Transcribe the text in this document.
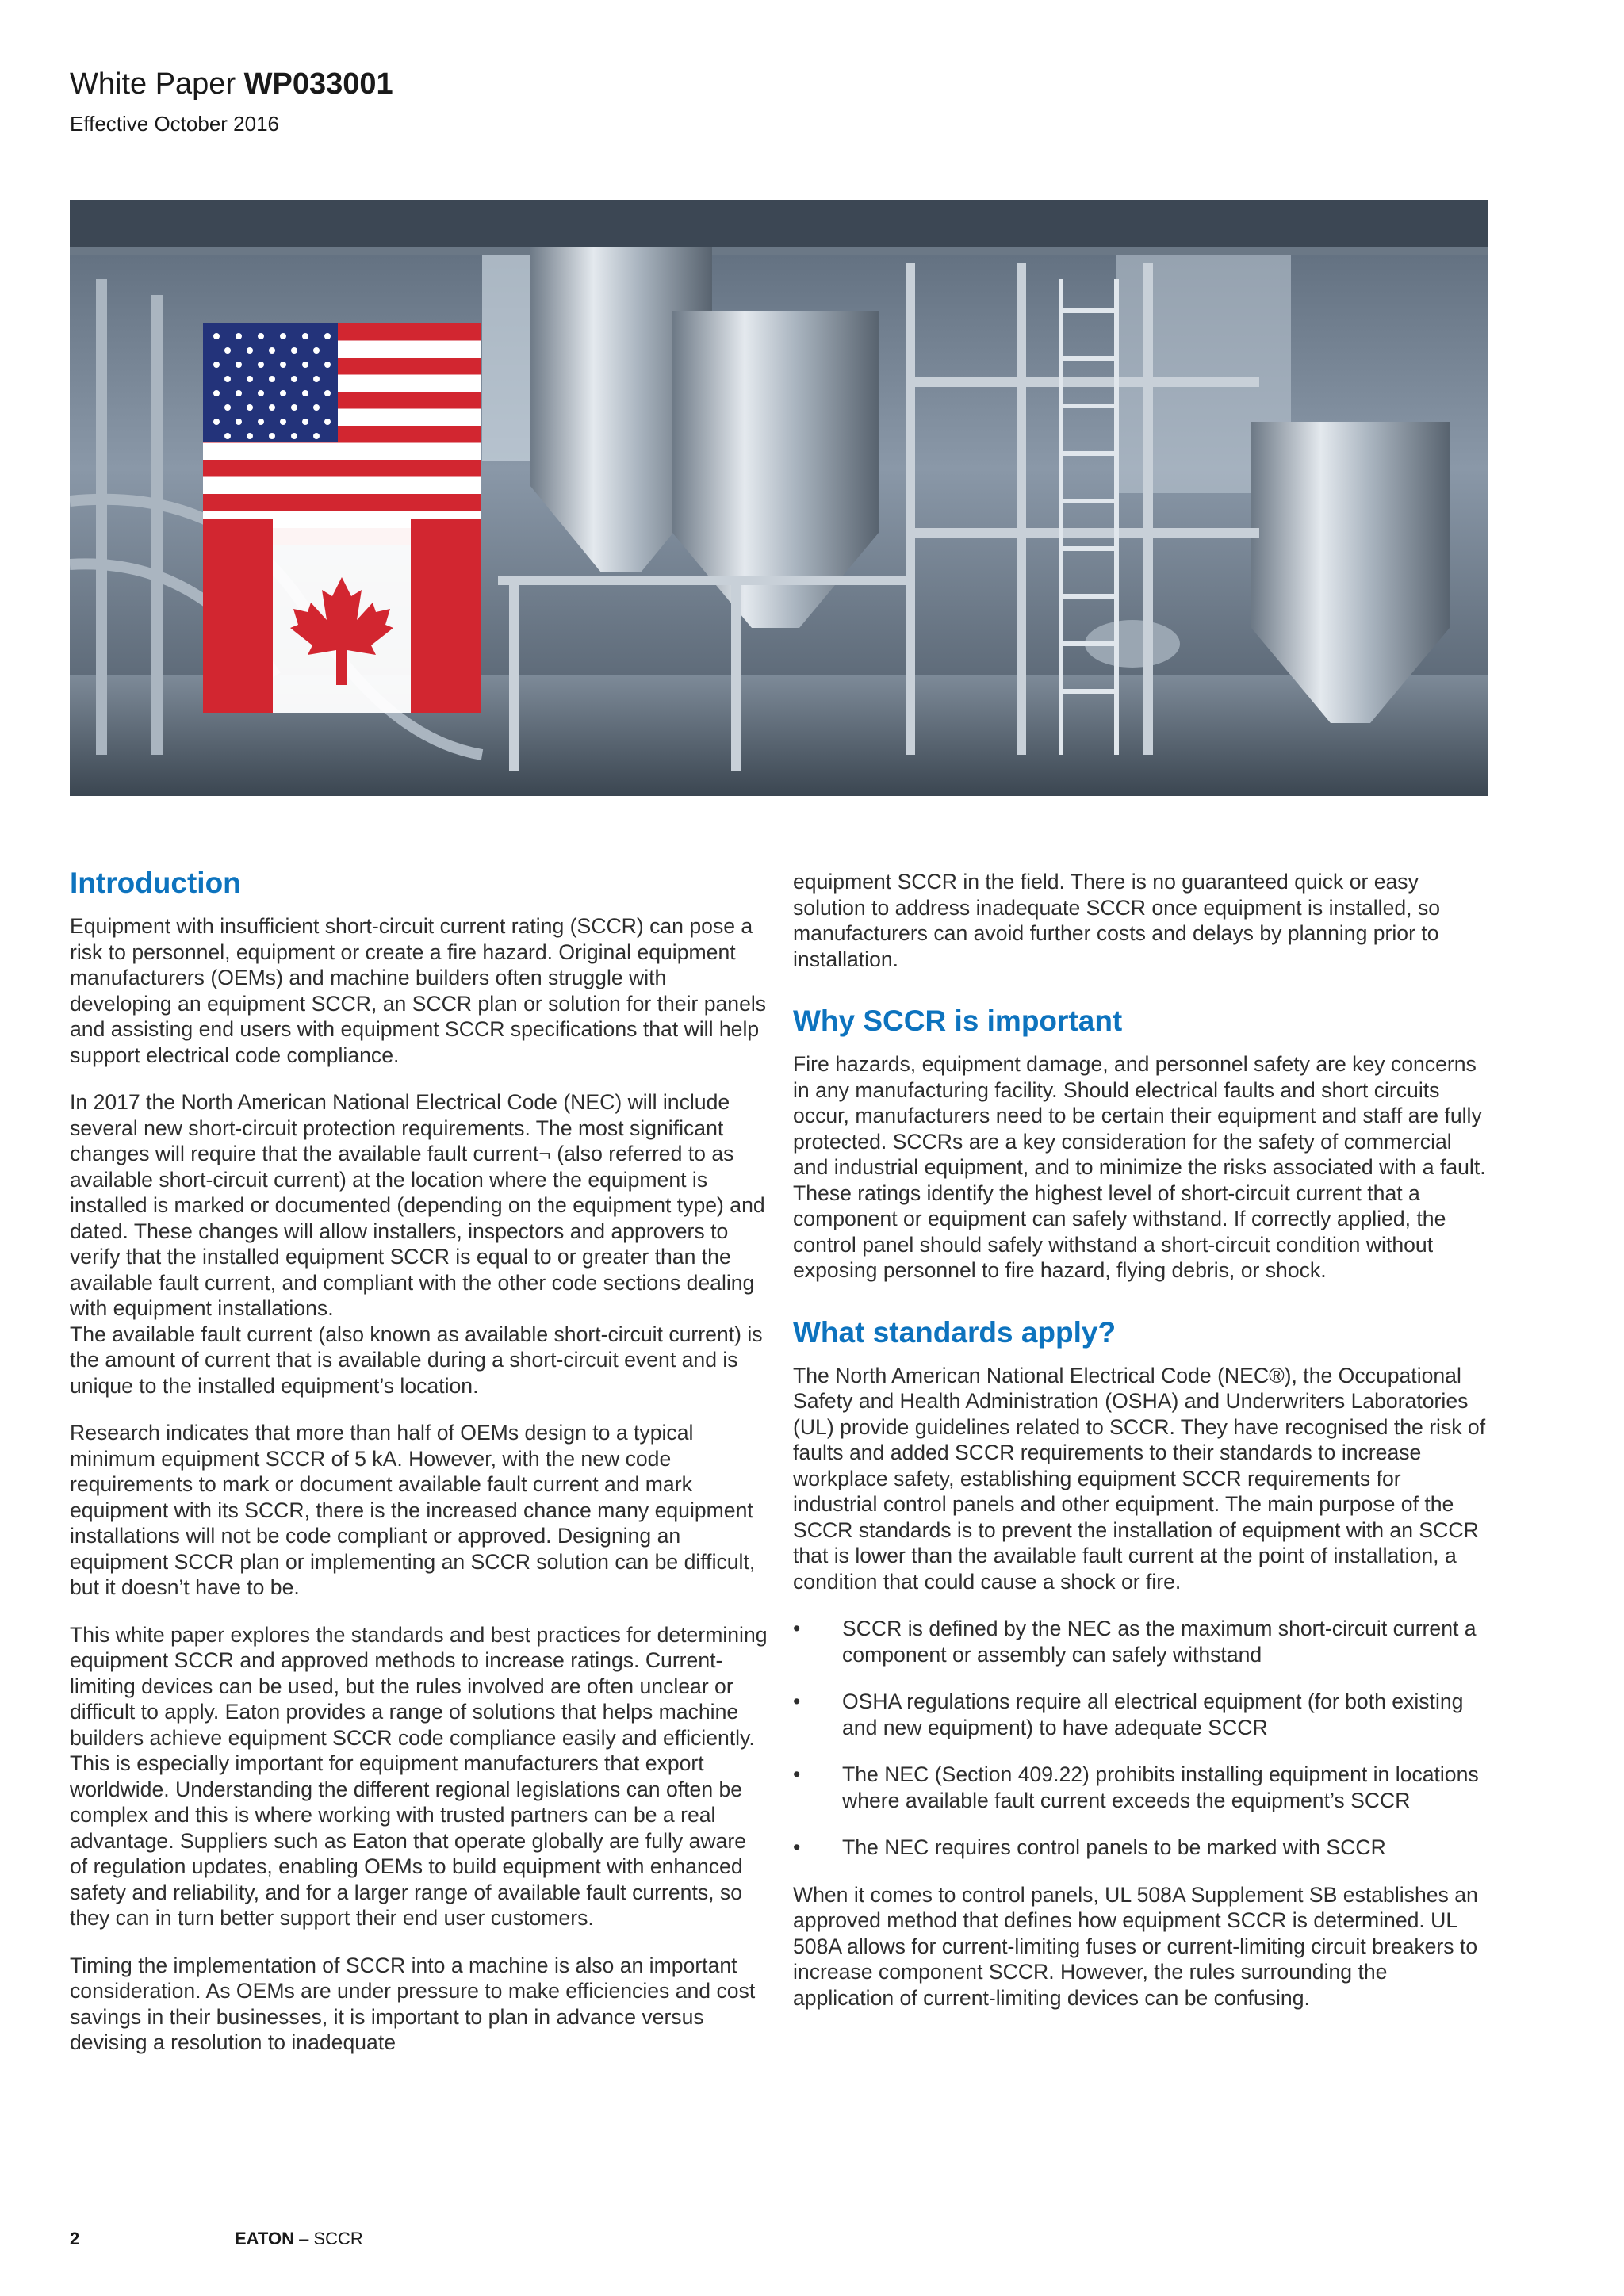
White Paper WP033001
Effective October 2016
Introduction

Equipment with insufficient short-circuit current rating (SCCR) can pose a risk to personnel, equipment or create a fire hazard. Original equipment manufacturers (OEMs) and machine builders often struggle with developing an equipment SCCR, an SCCR plan or solution for their panels and assisting end users with equipment SCCR specifications that will help support electrical code compliance.

In 2017 the North American National Electrical Code (NEC) will include several new short-circuit protection requirements. The most significant changes will require that the available fault current¬ (also referred to as available short-circuit current) at the location where the equipment is installed is marked or documented (depending on the equipment type) and dated. These changes will allow installers, inspectors and approvers to verify that the installed equipment SCCR is equal to or greater than the available fault current, and compliant with the other code sections dealing with equipment installations.

The available fault current (also known as available short-circuit current) is the amount of current that is available during a short-circuit event and is unique to the installed equipment’s location.

Research indicates that more than half of OEMs design to a typical minimum equipment SCCR of 5 kA. However, with the new code requirements to mark or document available fault current and mark equipment with its SCCR, there is the increased chance many equipment installations will not be code compliant or approved. Designing an equipment SCCR plan or implementing an SCCR solution can be difficult, but it doesn’t have to be.

This white paper explores the standards and best practices for determining equipment SCCR and approved methods to increase ratings. Current-limiting devices can be used, but the rules involved are often unclear or difficult to apply. Eaton provides a range of solutions that helps machine builders achieve equipment SCCR code compliance easily and efficiently. This is especially important for equipment manufacturers that export worldwide. Understanding the different regional legislations can often be complex and this is where working with trusted partners can be a real advantage. Suppliers such as Eaton that operate globally are fully aware of regulation updates, enabling OEMs to build equipment with enhanced safety and reliability, and for a larger range of available fault currents, so they can in turn better support their end user customers.

Timing the implementation of SCCR into a machine is also an important consideration. As OEMs are under pressure to make efficiencies and cost savings in their businesses, it is important to plan in advance versus devising a resolution to inadequate

equipment SCCR in the field. There is no guaranteed quick or easy solution to address inadequate SCCR once equipment is installed, so manufacturers can avoid further costs and delays by planning prior to installation.

Why SCCR is important

Fire hazards, equipment damage, and personnel safety are key concerns in any manufacturing facility. Should electrical faults and short circuits occur, manufacturers need to be certain their equipment and staff are fully protected. SCCRs are a key consideration for the safety of commercial and industrial equipment, and to minimize the risks associated with a fault. These ratings identify the highest level of short-circuit current that a component or equipment can safely withstand. If correctly applied, the control panel should safely withstand a short-circuit condition without exposing personnel to fire hazard, flying debris, or shock.

What standards apply?

The North American National Electrical Code (NEC®), the Occupational Safety and Health Administration (OSHA) and Underwriters Laboratories (UL) provide guidelines related to SCCR. They have recognised the risk of faults and added SCCR requirements to their standards to increase workplace safety, establishing equipment SCCR requirements for industrial control panels and other equipment. The main purpose of the SCCR standards is to prevent the installation of equipment with an SCCR that is lower than the available fault current at the point of installation, a condition that could cause a shock or fire.

•	SCCR is defined by the NEC as the maximum short-circuit current a component or assembly can safely withstand
•	OSHA regulations require all electrical equipment (for both existing and new equipment) to have adequate SCCR
•	The NEC (Section 409.22) prohibits installing equipment in locations where available fault current exceeds the equipment’s SCCR
•	The NEC requires control panels to be marked with SCCR

When it comes to control panels, UL 508A Supplement SB establishes an approved method that defines how equipment SCCR is determined. UL 508A allows for current-limiting fuses or current-limiting circuit breakers to increase component SCCR. However, the rules surrounding the application of current-limiting devices can be confusing.

2	EATON – SCCR
